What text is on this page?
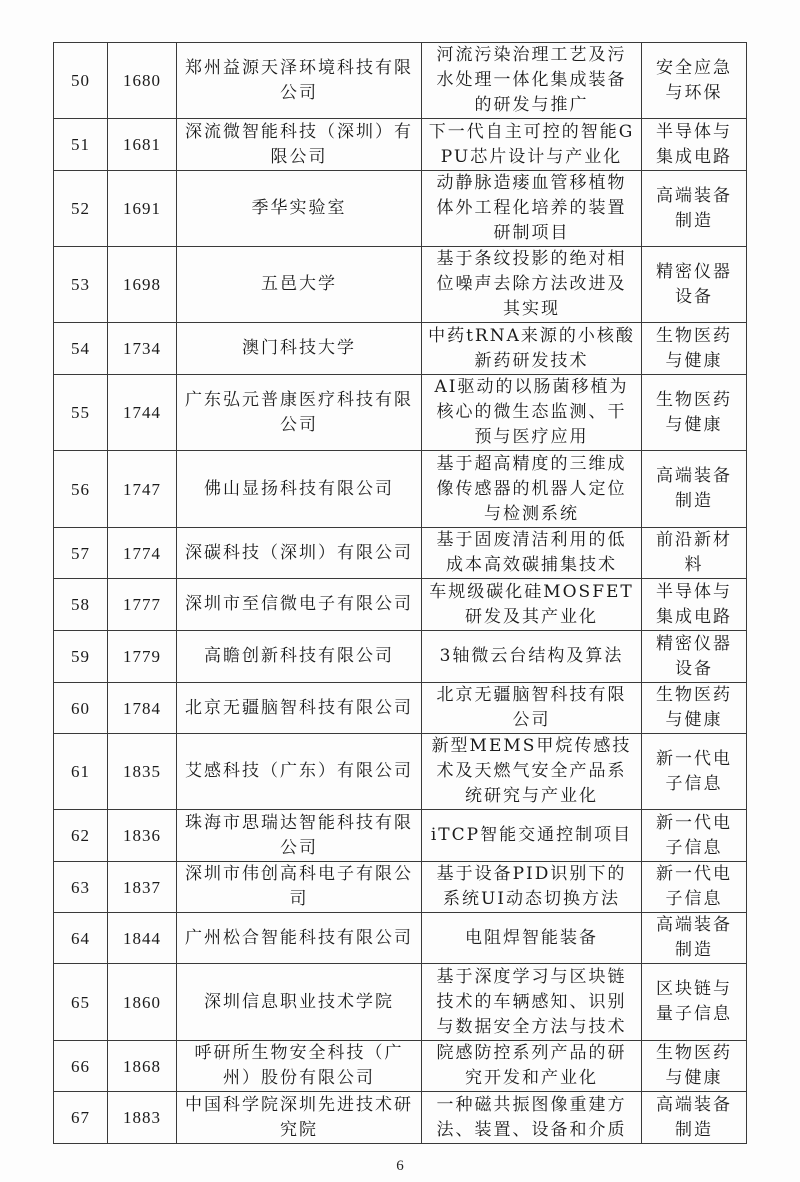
50	1680	郑州益源天泽环境科技有限公司	河流污染治理工艺及污水处理一体化集成装备的研发与推广	安全应急与环保
51	1681	深流微智能科技（深圳）有限公司	下一代自主可控的智能GPU芯片设计与产业化	半导体与集成电路
52	1691	季华实验室	动静脉造瘘血管移植物体外工程化培养的装置研制项目	高端装备制造
53	1698	五邑大学	基于条纹投影的绝对相位噪声去除方法改进及其实现	精密仪器设备
54	1734	澳门科技大学	中药tRNA来源的小核酸新药研发技术	生物医药与健康
55	1744	广东弘元普康医疗科技有限公司	AI驱动的以肠菌移植为核心的微生态监测、干预与医疗应用	生物医药与健康
56	1747	佛山显扬科技有限公司	基于超高精度的三维成像传感器的机器人定位与检测系统	高端装备制造
57	1774	深碳科技（深圳）有限公司	基于固废清洁利用的低成本高效碳捕集技术	前沿新材料
58	1777	深圳市至信微电子有限公司	车规级碳化硅MOSFET研发及其产业化	半导体与集成电路
59	1779	高瞻创新科技有限公司	3轴微云台结构及算法	精密仪器设备
60	1784	北京无疆脑智科技有限公司	北京无疆脑智科技有限公司	生物医药与健康
61	1835	艾感科技（广东）有限公司	新型MEMS甲烷传感技术及天燃气安全产品系统研究与产业化	新一代电子信息
62	1836	珠海市思瑞达智能科技有限公司	iTCP智能交通控制项目	新一代电子信息
63	1837	深圳市伟创高科电子有限公司	基于设备PID识别下的系统UI动态切换方法	新一代电子信息
64	1844	广州松合智能科技有限公司	电阻焊智能装备	高端装备制造
65	1860	深圳信息职业技术学院	基于深度学习与区块链技术的车辆感知、识别与数据安全方法与技术	区块链与量子信息
66	1868	呼研所生物安全科技（广州）股份有限公司	院感防控系列产品的研究开发和产业化	生物医药与健康
67	1883	中国科学院深圳先进技术研究院	一种磁共振图像重建方法、装置、设备和介质	高端装备制造
6
